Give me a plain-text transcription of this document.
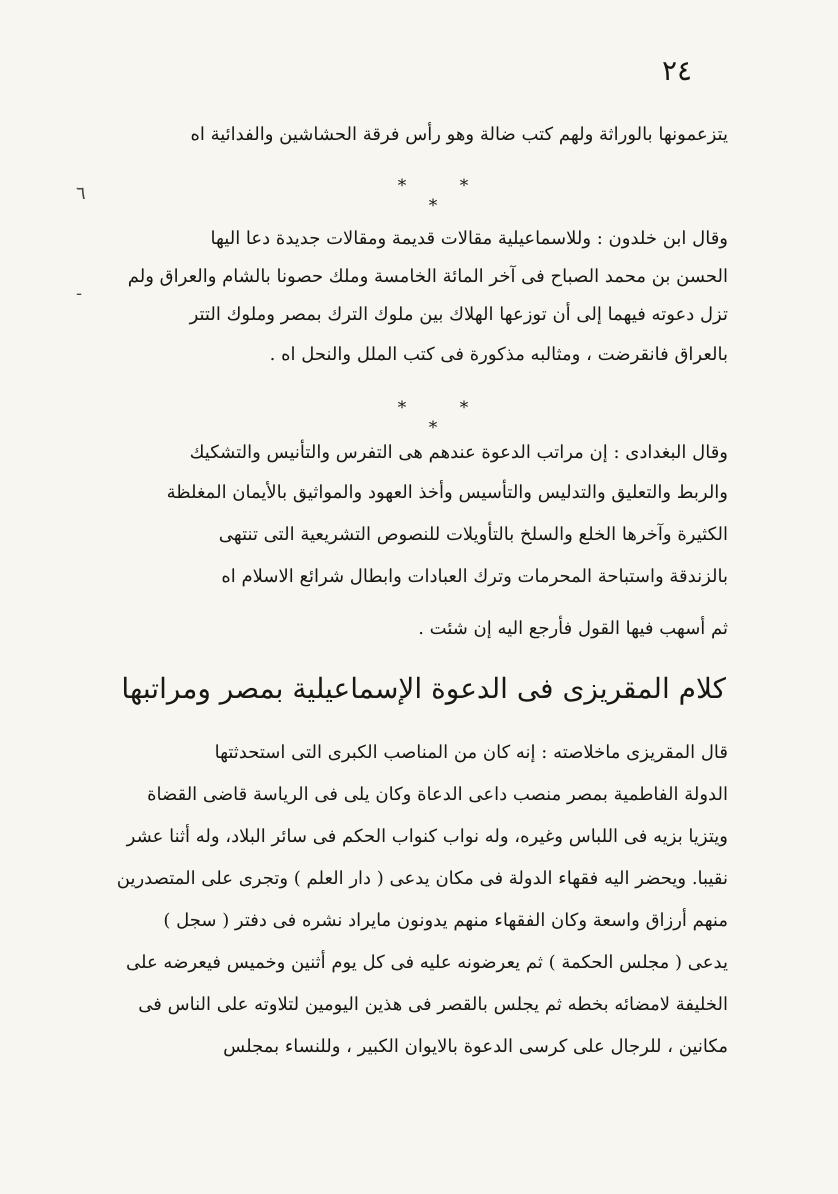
٢٤
٦
-
يتزعمونها بالوراثة ولهم كتب ضالة وهو رأس فرقة الحشاشين والفدائية اه
* * *
وقال ابن خلدون : وللاسماعيلية مقالات قديمة ومقالات جديدة دعا اليها
الحسن بن محمد الصباح فى آخر المائة الخامسة وملك حصونا بالشام والعراق ولم
تزل دعوته فيهما إلى أن توزعها الهلاك بين ملوك الترك بمصر وملوك التتر
بالعراق فانقرضت ، ومثالبه مذكورة فى كتب الملل والنحل اه .
* * *
وقال البغدادى : إن مراتب الدعوة عندهم هى التفرس والتأنيس والتشكيك
والربط والتعليق والتدليس والتأسيس وأخذ العهود والمواثيق بالأيمان المغلظة
الكثيرة وآخرها الخلع والسلخ بالتأويلات للنصوص التشريعية التى تنتهى
بالزندقة واستباحة المحرمات وترك العبادات وابطال شرائع الاسلام اه
ثم أسهب فيها القول فأرجع اليه إن شئت .
كلام المقريزى فى الدعوة الإسماعيلية بمصر ومراتبها
قال المقريزى ماخلاصته : إنه كان من المناصب الكبرى التى استحدثتها
الدولة الفاطمية بمصر منصب داعى الدعاة وكان يلى فى الرياسة قاضى القضاة
ويتزيا بزيه فى اللباس وغيره، وله نواب كنواب الحكم فى سائر البلاد، وله أثنا عشر
نقيبا. ويحضر اليه فقهاء الدولة فى مكان يدعى ( دار العلم ) وتجرى على المتصدرين
منهم أرزاق واسعة وكان الفقهاء منهم يدونون مايراد نشره فى دفتر ( سجل )
يدعى ( مجلس الحكمة ) ثم يعرضونه عليه فى كل يوم أثنين وخميس فيعرضه على
الخليفة لامضائه بخطه ثم يجلس بالقصر فى هذين اليومين لتلاوته على الناس فى
مكانين ، للرجال على كرسى الدعوة بالايوان الكبير ، وللنساء بمجلس
